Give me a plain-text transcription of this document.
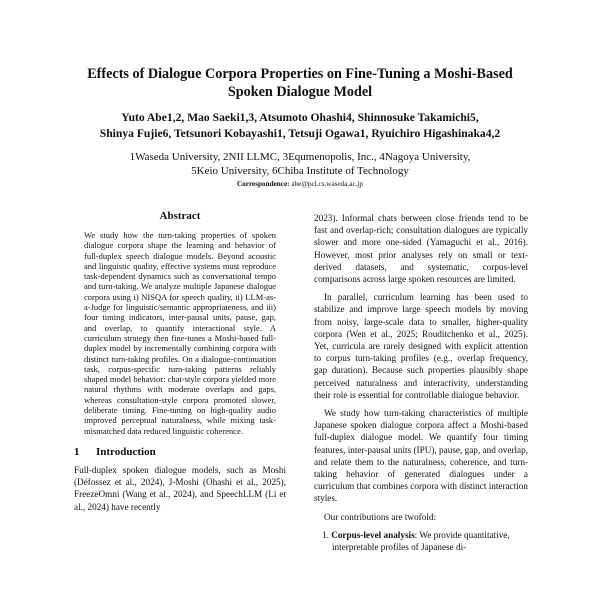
Effects of Dialogue Corpora Properties on Fine-Tuning a Moshi-Based
Spoken Dialogue Model
Yuto Abe1,2, Mao Saeki1,3, Atsumoto Ohashi4, Shinnosuke Takamichi5,
Shinya Fujie6, Tetsunori Kobayashi1, Tetsuji Ogawa1, Ryuichiro Higashinaka4,2
1Waseda University, 2NII LLMC, 3Equmenopolis, Inc., 4Nagoya University,
5Keio University, 6Chiba Institute of Technology
Correspondence: abe@pcl.cs.waseda.ac.jp
Abstract

We study how the turn-taking properties of spoken dialogue corpora shape the learning and behavior of full-duplex speech dialogue models. Beyond acoustic and linguistic quality, effective systems must reproduce task-dependent dynamics such as conversational tempo and turn-taking. We analyze multiple Japanese dialogue corpora using i) NISQA for speech quality, ii) LLM-as-a-Judge for linguistic/semantic appropriateness, and iii) four timing indicators, inter-pausal units, pause, gap, and overlap, to quantify interactional style. A curriculum strategy then fine-tunes a Moshi-based full-duplex model by incrementally combining corpora with distinct turn-taking profiles. On a dialogue-continuation task, corpus-specific turn-taking patterns reliably shaped model behavior: chat-style corpora yielded more natural rhythms with moderate overlaps and gaps, whereas consultation-style corpora promoted slower, deliberate timing. Fine-tuning on high-quality audio improved perceptual naturalness, while mixing task-mismatched data reduced linguistic coherence.

1 Introduction

Full-duplex spoken dialogue models, such as Moshi (Défossez et al., 2024), J-Moshi (Ohashi et al., 2025), FreezeOmni (Wang et al., 2024), and SpeechLLM (Li et al., 2024) have recently

2023). Informal chats between close friends tend to be fast and overlap-rich; consultation dialogues are typically slower and more one-sided (Yamaguchi et al., 2016). However, most prior analyses rely on small or text-derived datasets, and systematic, corpus-level comparisons across large spoken resources are limited.

In parallel, curriculum learning has been used to stabilize and improve large speech models by moving from noisy, large-scale data to smaller, higher-quality corpora (Wen et al., 2025; Rouditchenko et al., 2025). Yet, curricula are rarely designed with explicit attention to corpus turn-taking profiles (e.g., overlap frequency, gap duration). Because such properties plausibly shape perceived naturalness and interactivity, understanding their role is essential for controllable dialogue behavior.

We study how turn-taking characteristics of multiple Japanese spoken dialogue corpora affect a Moshi-based full-duplex dialogue model. We quantify four timing features, inter-pausal units (IPU), pause, gap, and overlap, and relate them to the naturalness, coherence, and turn-taking behavior of generated dialogues under a curriculum that combines corpora with distinct interaction styles.

Our contributions are twofold:

1. Corpus-level analysis: We provide quantitative, interpretable profiles of Japanese di-
